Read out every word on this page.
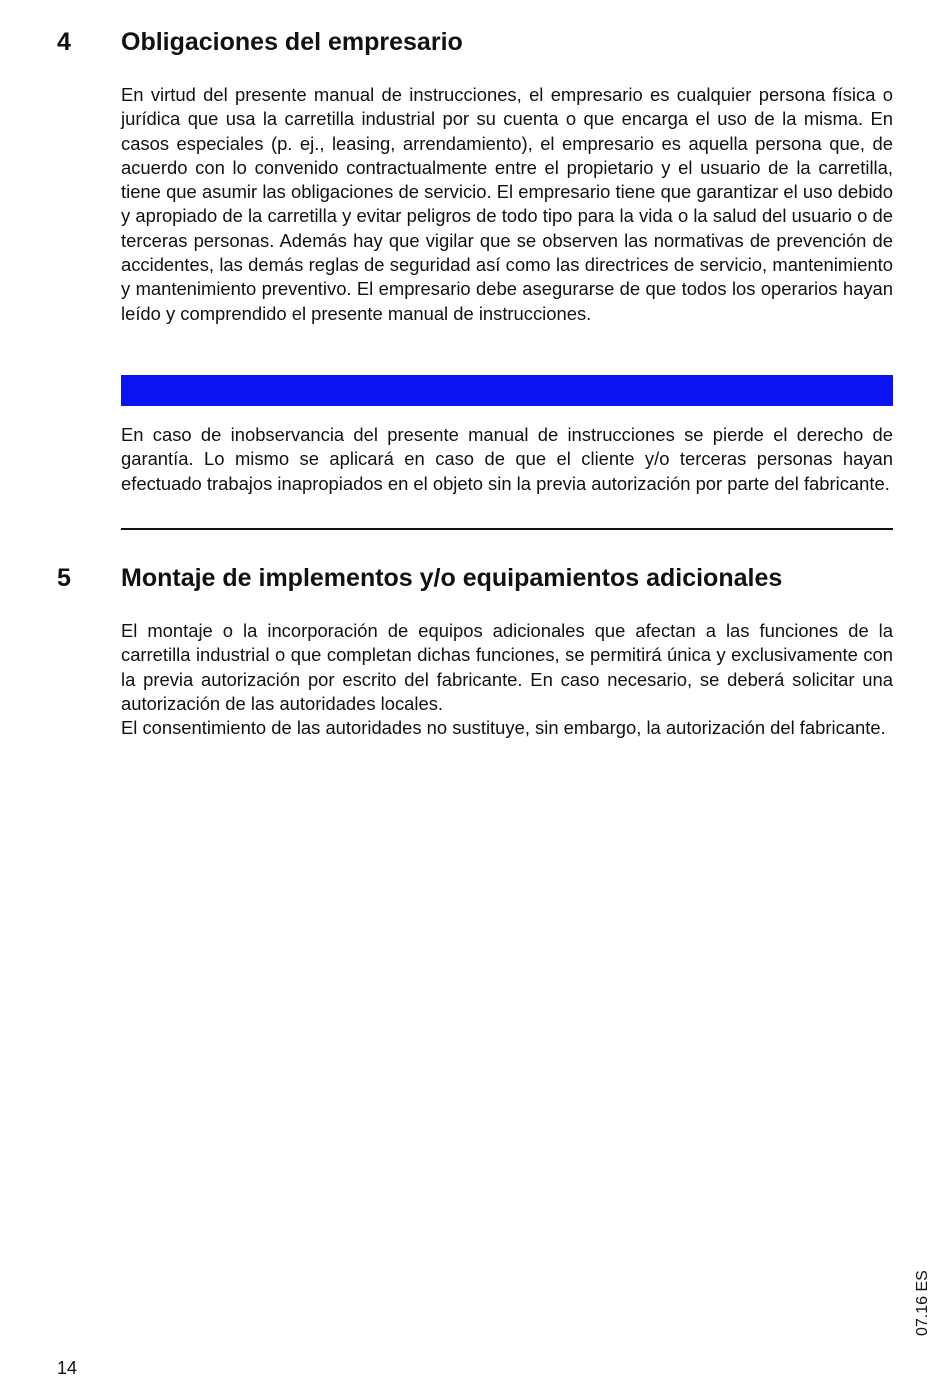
4	Obligaciones del empresario

En virtud del presente manual de instrucciones, el empresario es cualquier persona física o jurídica que usa la carretilla industrial por su cuenta o que encarga el uso de la misma. En casos especiales (p. ej., leasing, arrendamiento), el empresario es aquella persona que, de acuerdo con lo convenido contractualmente entre el propietario y el usuario de la carretilla, tiene que asumir las obligaciones de servicio. El empresario tiene que garantizar el uso debido y apropiado de la carretilla y evitar peligros de todo tipo para la vida o la salud del usuario o de terceras personas. Además hay que vigilar que se observen las normativas de prevención de accidentes, las demás reglas de seguridad así como las directrices de servicio, mantenimiento y mantenimiento preventivo. El empresario debe asegurarse de que todos los operarios hayan leído y comprendido el presente manual de instrucciones.

En caso de inobservancia del presente manual de instrucciones se pierde el derecho de garantía. Lo mismo se aplicará en caso de que el cliente y/o terceras personas hayan efectuado trabajos inapropiados en el objeto sin la previa autorización por parte del fabricante.

5	Montaje de implementos y/o equipamientos adicionales

El montaje o la incorporación de equipos adicionales que afectan a las funciones de la carretilla industrial o que completan dichas funciones, se permitirá única y exclusivamente con la previa autorización por escrito del fabricante. En caso necesario, se deberá solicitar una autorización de las autoridades locales.

El consentimiento de las autoridades no sustituye, sin embargo, la autorización del fabricante.

07.16 ES
14
